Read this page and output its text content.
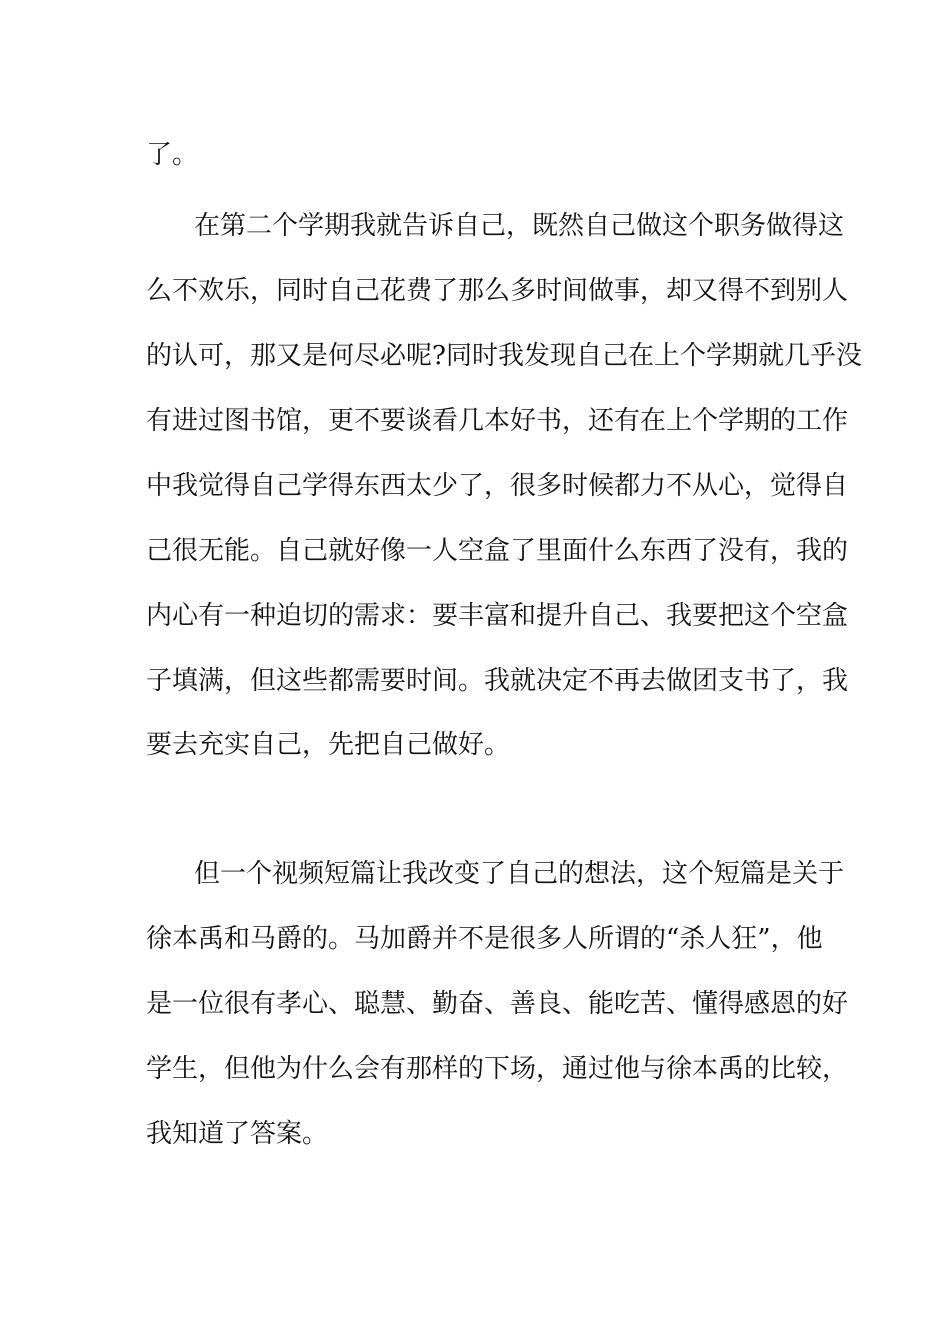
了。
在第二个学期我就告诉自己，既然自己做这个职务做得这
么不欢乐，同时自己花费了那么多时间做事，却又得不到别人
的认可，那又是何尽必呢?同时我发现自己在上个学期就几乎没
有进过图书馆，更不要谈看几本好书，还有在上个学期的工作
中我觉得自己学得东西太少了，很多时候都力不从心，觉得自
己很无能。自己就好像一人空盒了里面什么东西了没有，我的
内心有一种迫切的需求：要丰富和提升自己、我要把这个空盒
子填满，但这些都需要时间。我就决定不再去做团支书了，我
要去充实自己，先把自己做好。
但一个视频短篇让我改变了自己的想法，这个短篇是关于
徐本禹和马爵的。马加爵并不是很多人所谓的“杀人狂”，他
是一位很有孝心、聪慧、勤奋、善良、能吃苦、懂得感恩的好
学生，但他为什么会有那样的下场，通过他与徐本禹的比较，
我知道了答案。
